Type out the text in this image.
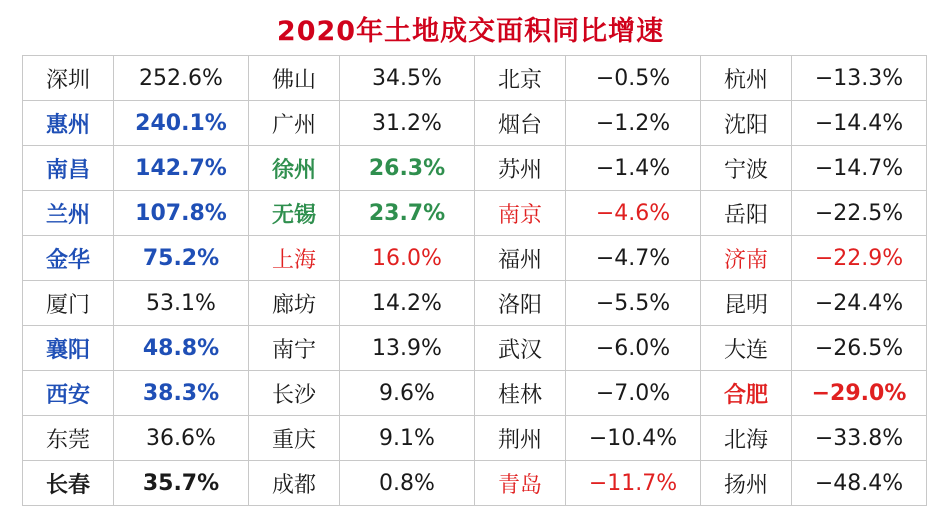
2020年土地成交面积同比增速
深圳	252.6%	佛山	34.5%	北京	−0.5%	杭州	−13.3%
惠州	240.1%	广州	31.2%	烟台	−1.2%	沈阳	−14.4%
南昌	142.7%	徐州	26.3%	苏州	−1.4%	宁波	−14.7%
兰州	107.8%	无锡	23.7%	南京	−4.6%	岳阳	−22.5%
金华	75.2%	上海	16.0%	福州	−4.7%	济南	−22.9%
厦门	53.1%	廊坊	14.2%	洛阳	−5.5%	昆明	−24.4%
襄阳	48.8%	南宁	13.9%	武汉	−6.0%	大连	−26.5%
西安	38.3%	长沙	9.6%	桂林	−7.0%	合肥	−29.0%
东莞	36.6%	重庆	9.1%	荆州	−10.4%	北海	−33.8%
长春	35.7%	成都	0.8%	青岛	−11.7%	扬州	−48.4%
